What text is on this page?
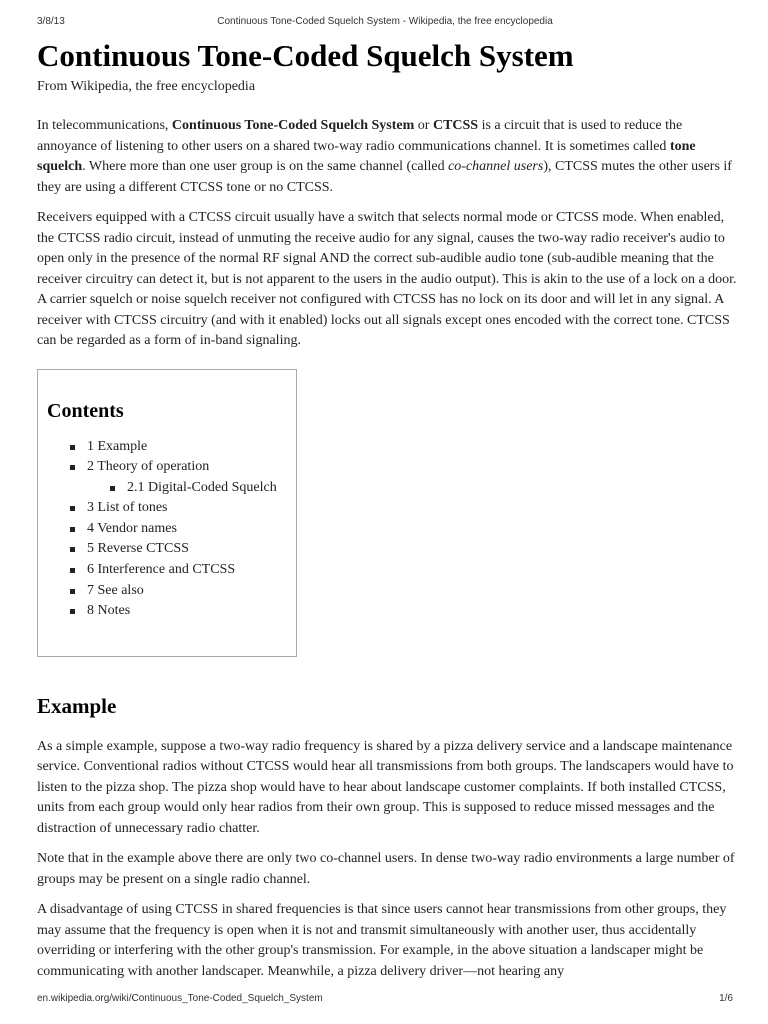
3/8/13	Continuous Tone-Coded Squelch System - Wikipedia, the free encyclopedia
Continuous Tone-Coded Squelch System
From Wikipedia, the free encyclopedia

In telecommunications, Continuous Tone-Coded Squelch System or CTCSS is a circuit that is used to reduce the annoyance of listening to other users on a shared two-way radio communications channel. It is sometimes called tone squelch. Where more than one user group is on the same channel (called co-channel users), CTCSS mutes the other users if they are using a different CTCSS tone or no CTCSS.

Receivers equipped with a CTCSS circuit usually have a switch that selects normal mode or CTCSS mode. When enabled, the CTCSS radio circuit, instead of unmuting the receive audio for any signal, causes the two-way radio receiver's audio to open only in the presence of the normal RF signal AND the correct sub-audible audio tone (sub-audible meaning that the receiver circuitry can detect it, but is not apparent to the users in the audio output). This is akin to the use of a lock on a door. A carrier squelch or noise squelch receiver not configured with CTCSS has no lock on its door and will let in any signal. A receiver with CTCSS circuitry (and with it enabled) locks out all signals except ones encoded with the correct tone. CTCSS can be regarded as a form of in-band signaling.

Contents
1 Example
2 Theory of operation
2.1 Digital-Coded Squelch
3 List of tones
4 Vendor names
5 Reverse CTCSS
6 Interference and CTCSS
7 See also
8 Notes
Example

As a simple example, suppose a two-way radio frequency is shared by a pizza delivery service and a landscape maintenance service. Conventional radios without CTCSS would hear all transmissions from both groups. The landscapers would have to listen to the pizza shop. The pizza shop would have to hear about landscape customer complaints. If both installed CTCSS, units from each group would only hear radios from their own group. This is supposed to reduce missed messages and the distraction of unnecessary radio chatter.

Note that in the example above there are only two co-channel users. In dense two-way radio environments a large number of groups may be present on a single radio channel.

A disadvantage of using CTCSS in shared frequencies is that since users cannot hear transmissions from other groups, they may assume that the frequency is open when it is not and transmit simultaneously with another user, thus accidentally overriding or interfering with the other group's transmission. For example, in the above situation a landscaper might be communicating with another landscaper. Meanwhile, a pizza delivery driver—not hearing any

en.wikipedia.org/wiki/Continuous_Tone-Coded_Squelch_System	1/6
